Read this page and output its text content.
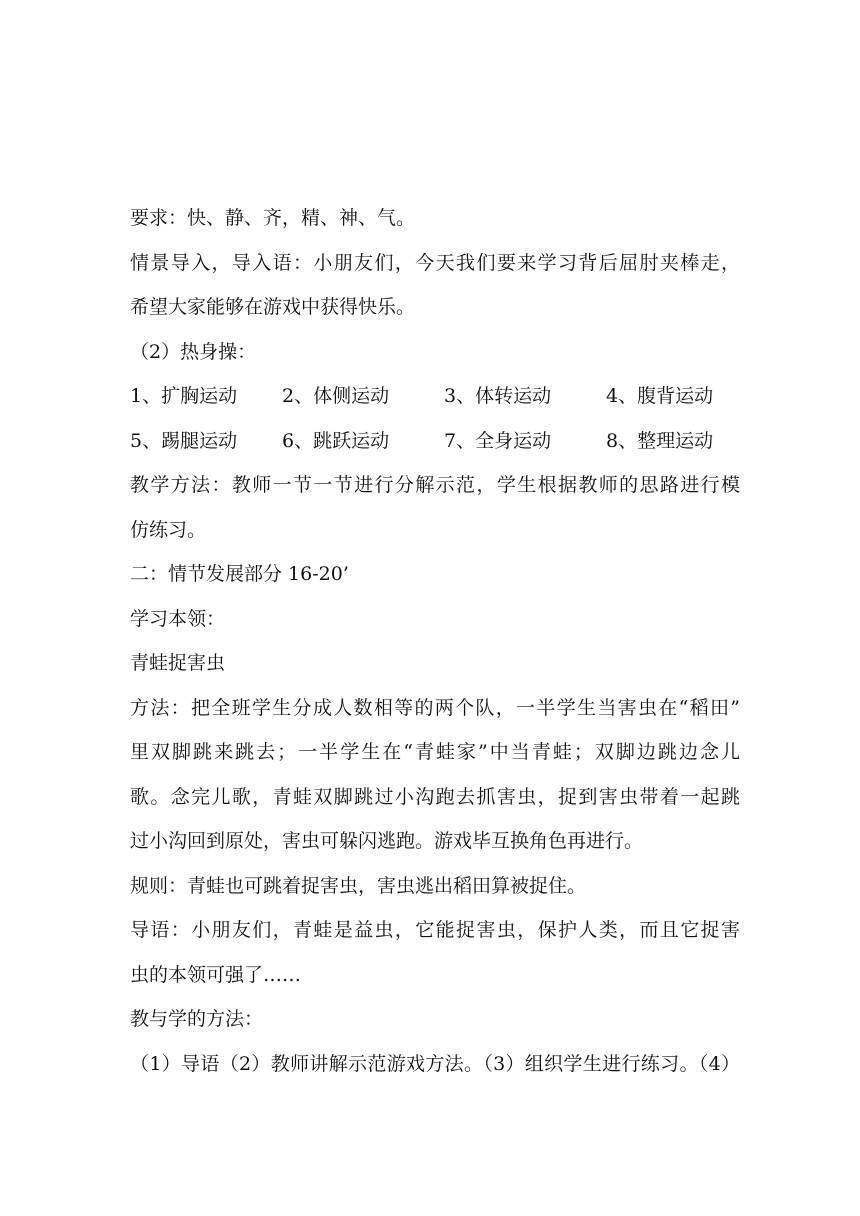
要求：快、静、齐，精、神、气。
情景导入，导入语：小朋友们，今天我们要来学习背后屈肘夹棒走，
希望大家能够在游戏中获得快乐。
（2）热身操：
1、扩胸运动	2、体侧运动	3、体转运动	4、腹背运动
5、踢腿运动	6、跳跃运动	7、全身运动	8、整理运动
教学方法：教师一节一节进行分解示范，学生根据教师的思路进行模
仿练习。
二：情节发展部分 16-20’
学习本领：
青蛙捉害虫
方法：把全班学生分成人数相等的两个队，一半学生当害虫在“稻田”
里双脚跳来跳去；一半学生在“青蛙家”中当青蛙；双脚边跳边念儿
歌。念完儿歌，青蛙双脚跳过小沟跑去抓害虫，捉到害虫带着一起跳
过小沟回到原处，害虫可躲闪逃跑。游戏毕互换角色再进行。
规则：青蛙也可跳着捉害虫，害虫逃出稻田算被捉住。
导语：小朋友们，青蛙是益虫，它能捉害虫，保护人类，而且它捉害
虫的本领可强了……
教与学的方法：
（1）导语（2）教师讲解示范游戏方法。（3）组织学生进行练习。（4）
